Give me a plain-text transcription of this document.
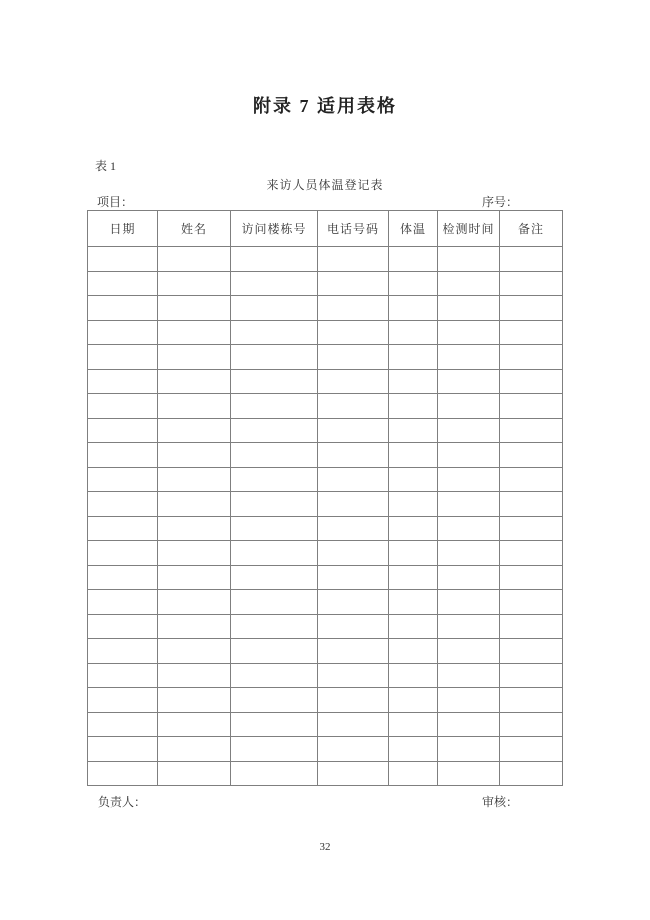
附录 7 适用表格
表 1
来访人员体温登记表
项目：	序号：
日期	姓名	访问楼栋号	电话号码	体温	检测时间	备注

负责人：	审核：
32
